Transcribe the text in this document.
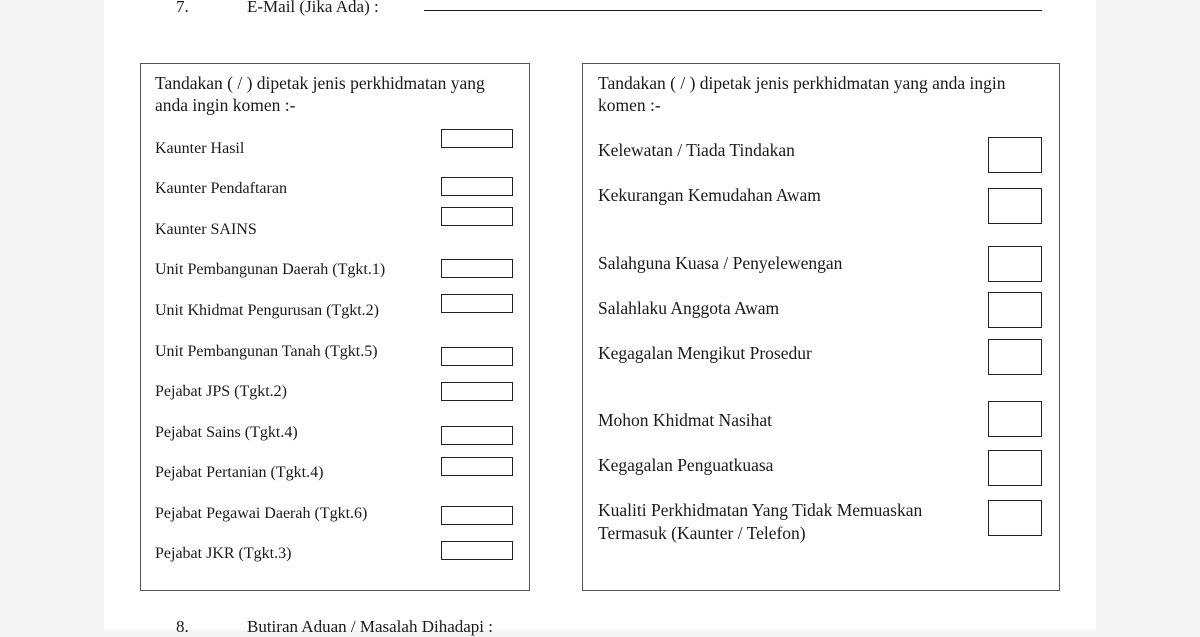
7.	E-Mail (Jika Ada) :
Tandakan ( / ) dipetak jenis perkhidmatan yang anda ingin komen :-
Kaunter Hasil
Kaunter Pendaftaran
Kaunter SAINS
Unit Pembangunan Daerah (Tgkt.1)
Unit Khidmat Pengurusan (Tgkt.2)
Unit Pembangunan Tanah (Tgkt.5)
Pejabat JPS (Tgkt.2)
Pejabat Sains (Tgkt.4)
Pejabat Pertanian (Tgkt.4)
Pejabat Pegawai Daerah (Tgkt.6)
Pejabat JKR (Tgkt.3)
Tandakan ( / ) dipetak jenis perkhidmatan yang anda ingin komen :-
Kelewatan / Tiada Tindakan
Kekurangan Kemudahan Awam
Salahguna Kuasa / Penyelewengan
Salahlaku Anggota Awam
Kegagalan Mengikut Prosedur
Mohon Khidmat Nasihat
Kegagalan Penguatkuasa
Kualiti Perkhidmatan Yang Tidak Memuaskan Termasuk (Kaunter / Telefon)
8.	Butiran Aduan / Masalah Dihadapi :
